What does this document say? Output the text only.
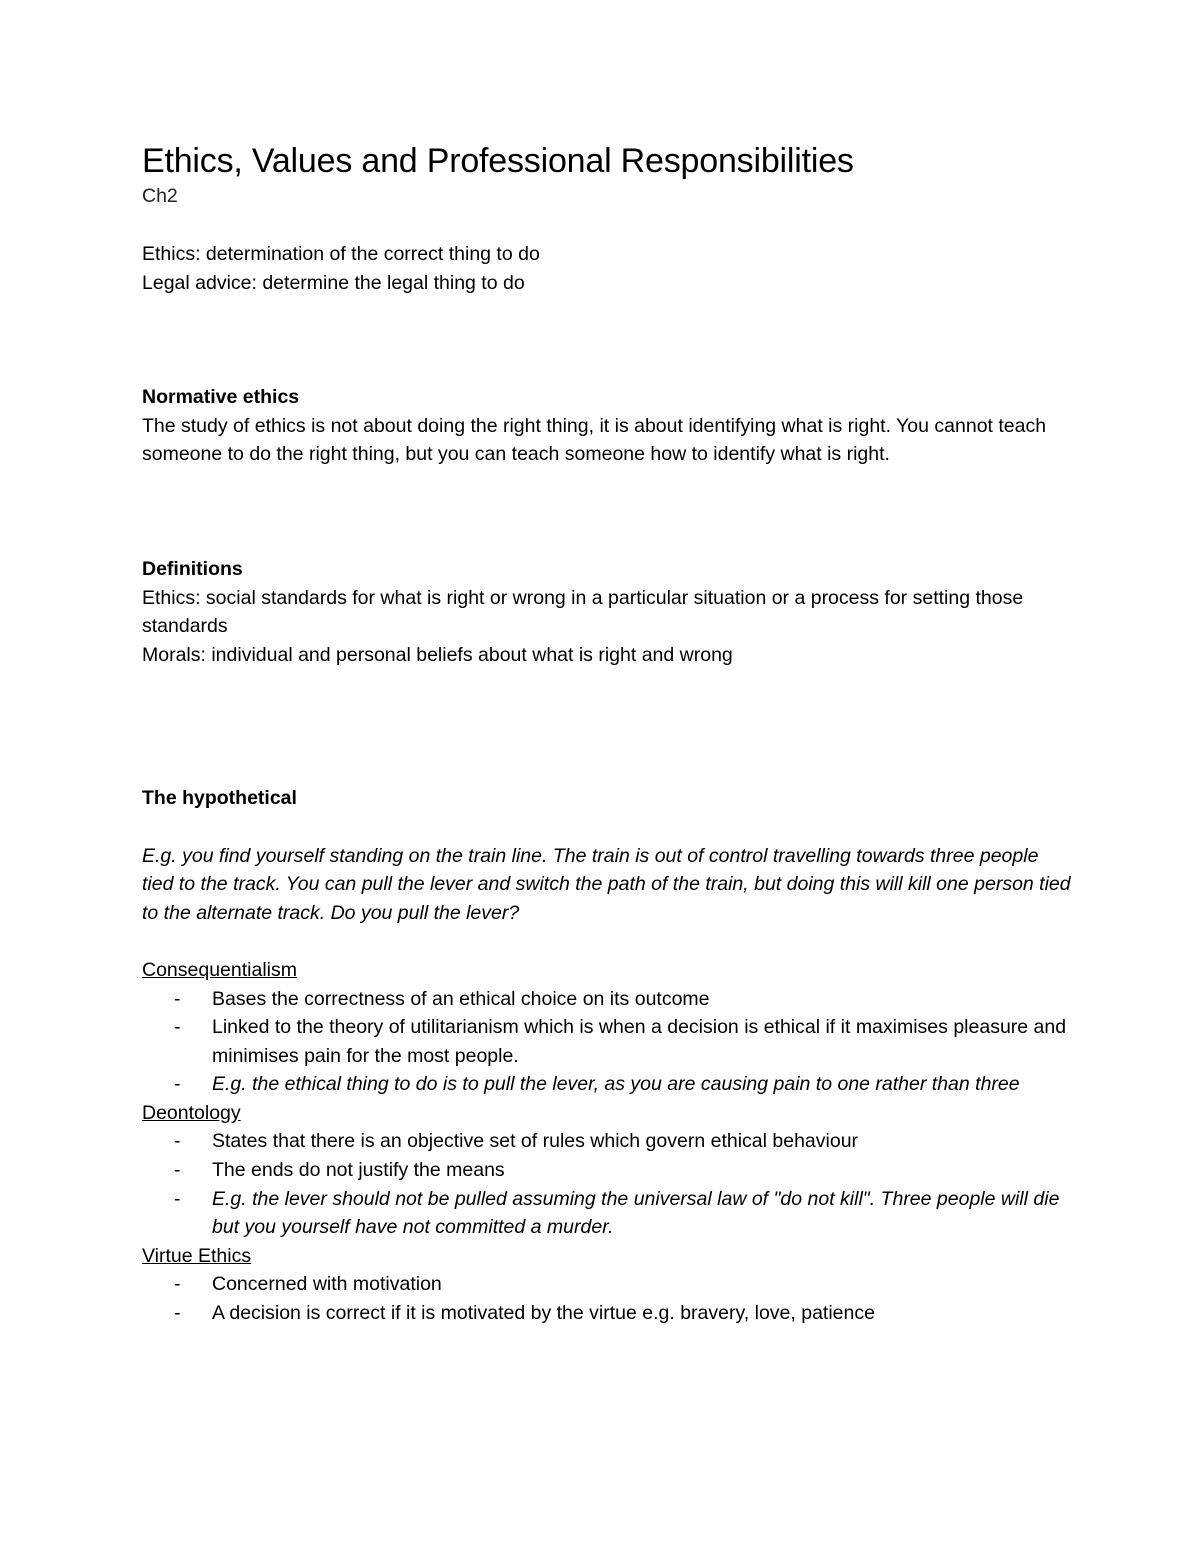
Ethics, Values and Professional Responsibilities

Ch2

Ethics: determination of the correct thing to do

Legal advice: determine the legal thing to do

Normative ethics

The study of ethics is not about doing the right thing, it is about identifying what is right. You cannot teach someone to do the right thing, but you can teach someone how to identify what is right.

Definitions

Ethics: social standards for what is right or wrong in a particular situation or a process for setting those standards

Morals: individual and personal beliefs about what is right and wrong

The hypothetical

E.g. you find yourself standing on the train line. The train is out of control travelling towards three people tied to the track. You can pull the lever and switch the path of the train, but doing this will kill one person tied to the alternate track. Do you pull the lever?

Consequentialism

- Bases the correctness of an ethical choice on its outcome
- Linked to the theory of utilitarianism which is when a decision is ethical if it maximises pleasure and minimises pain for the most people.
- E.g. the ethical thing to do is to pull the lever, as you are causing pain to one rather than three

Deontology

- States that there is an objective set of rules which govern ethical behaviour
- The ends do not justify the means
- E.g. the lever should not be pulled assuming the universal law of "do not kill". Three people will die but you yourself have not committed a murder.

Virtue Ethics

- Concerned with motivation
- A decision is correct if it is motivated by the virtue e.g. bravery, love, patience
